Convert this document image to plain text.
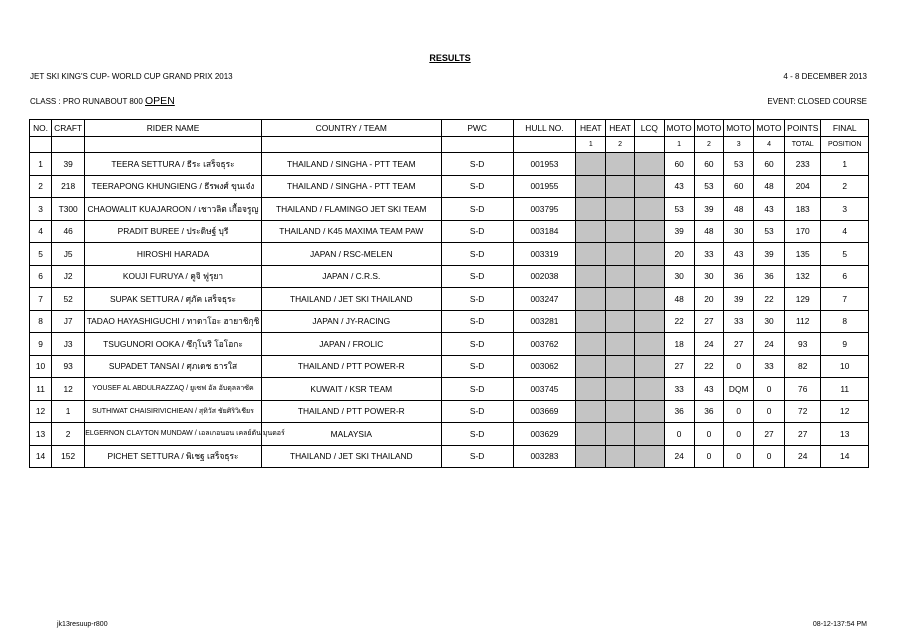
RESULTS
JET SKI KING'S CUP- WORLD CUP GRAND PRIX 2013	4 - 8 DECEMBER 2013
CLASS : PRO RUNABOUT 800 OPEN	EVENT: CLOSED COURSE
NO.	CRAFT	RIDER NAME	COUNTRY / TEAM	PWC	HULL NO.	HEAT	HEAT	LCQ	MOTO	MOTO	MOTO	MOTO	POINTS	FINAL
						1	2		1	2	3	4	TOTAL	POSITION
1	39	TEERA SETTURA / ธีระ เสร็จธุระ	THAILAND / SINGHA - PTT TEAM	S-D	001953				60	60	53	60	233	1
2	218	TEERAPONG KHUNGIENG / ธีรพงศ์ ขุนเจ๋ง	THAILAND / SINGHA - PTT TEAM	S-D	001955				43	53	60	48	204	2
3	T300	CHAOWALIT KUAJAROON / เชาวลิต เกื้อจรูญ	THAILAND / FLAMINGO JET SKI TEAM	S-D	003795				53	39	48	43	183	3
4	46	PRADIT BUREE / ประดิษฐ์ บุรี	THAILAND / K45 MAXIMA TEAM PAW	S-D	003184				39	48	30	53	170	4
5	J5	HIROSHI HARADA	JAPAN / RSC-MELEN	S-D	003319				20	33	43	39	135	5
6	J2	KOUJI FURUYA / คูจิ ฟูรุยา	JAPAN / C.R.S.	S-D	002038				30	30	36	36	132	6
7	52	SUPAK SETTURA / ศุภัค เสร็จธุระ	THAILAND / JET SKI THAILAND	S-D	003247				48	20	39	22	129	7
8	J7	TADAO HAYASHIGUCHI / ทาดาโอะ ฮายาชิกุชิ	JAPAN / JY-RACING	S-D	003281				22	27	33	30	112	8
9	J3	TSUGUNORI OOKA / ซึกุโนริ โอโอกะ	JAPAN / FROLIC	S-D	003762				18	24	27	24	93	9
10	93	SUPADET TANSAI / ศุภเดช ธารใส	THAILAND / PTT POWER-R	S-D	003062				27	22	0	33	82	10
11	12	YOUSEF AL ABDULRAZZAQ / ยูเซฟ อัล อับดุลลาซัค	KUWAIT / KSR TEAM	S-D	003745				33	43	DQM	0	76	11
12	1	SUTHIWAT CHAISIRIVICHIEAN / สุทิวัส ชัยศิริวิเชียร	THAILAND / PTT POWER-R	S-D	003669				36	36	0	0	72	12
13	2	ELGERNON CLAYTON MUNDAW / เอลเกอนอน เคลย์ตัน มุนดอร์	MALAYSIA	S-D	003629				0	0	0	27	27	13
14	152	PICHET SETTURA / พิเชฐ เสร็จธุระ	THAILAND / JET SKI THAILAND	S-D	003283				24	0	0	0	24	14
jk13resuup-r800	08-12-137:54 PM
